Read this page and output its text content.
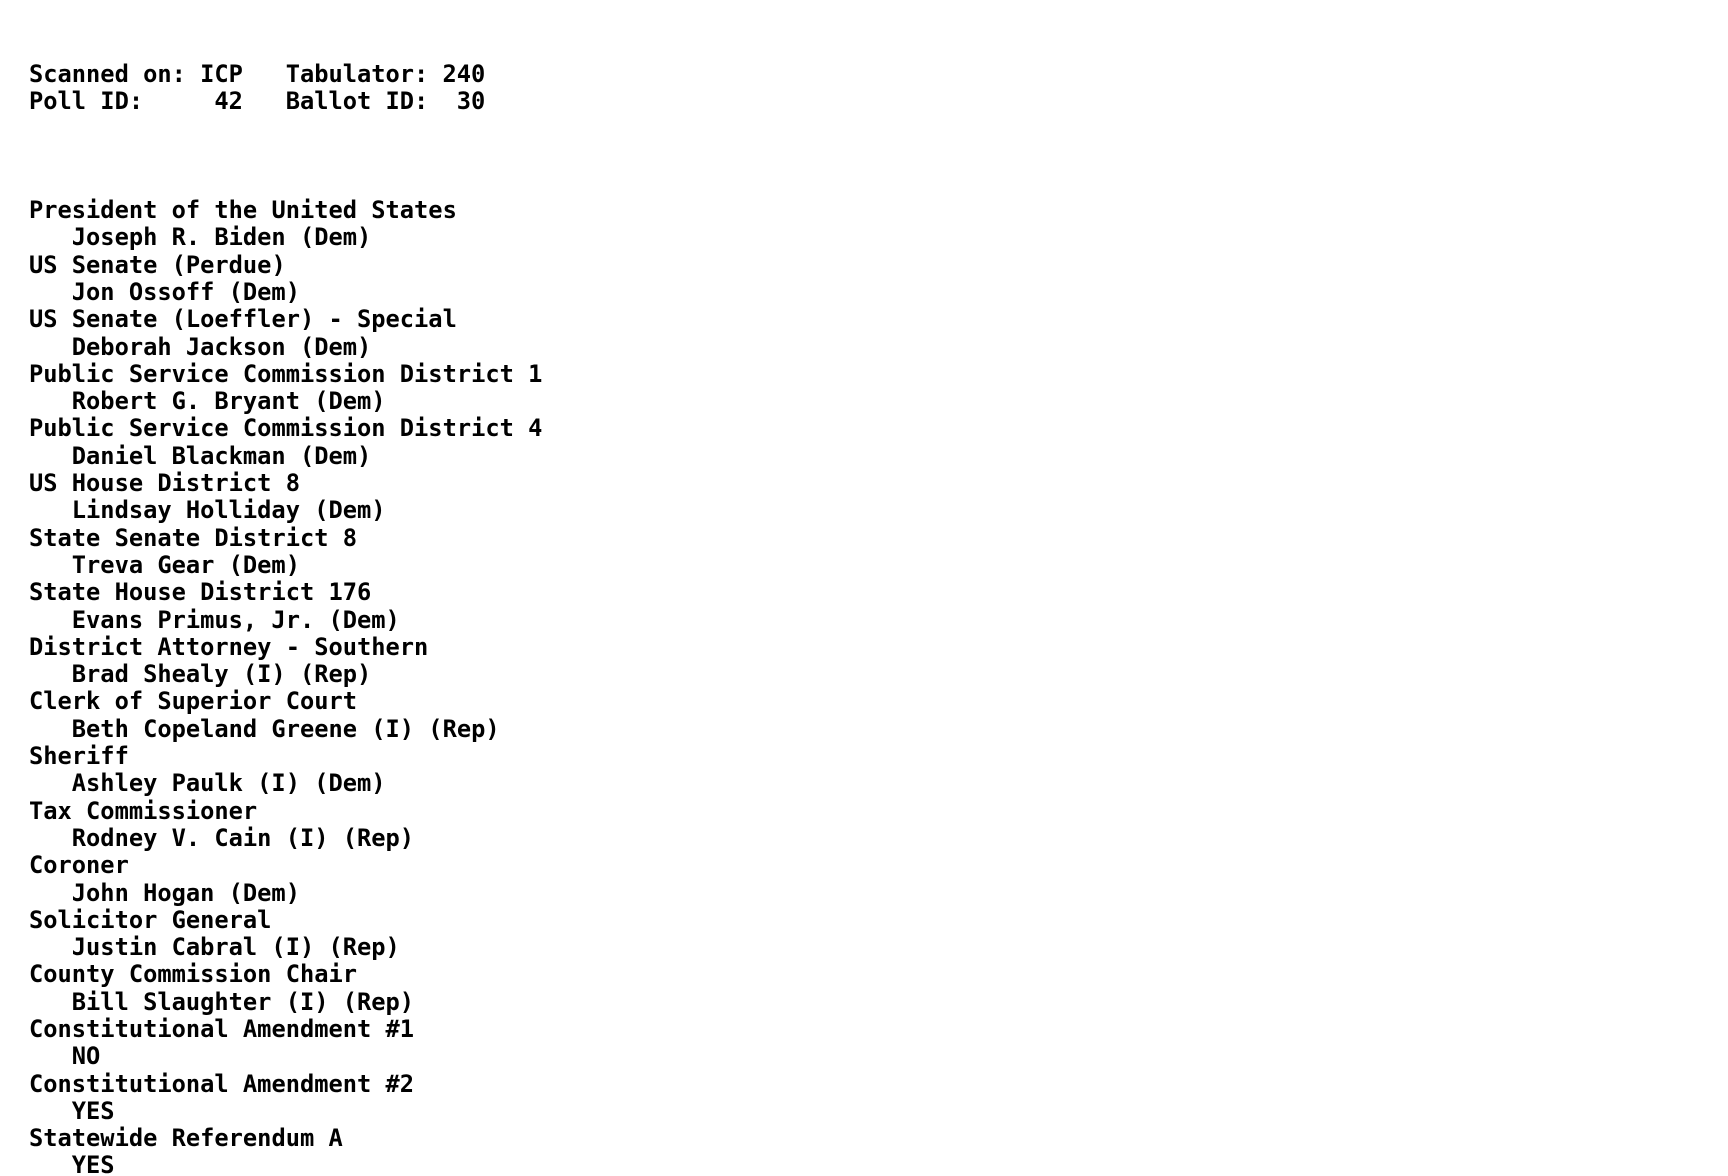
Scanned on: ICP Tabulator: 240
Poll ID:	42 Ballot ID: 30

President of the United States
Joseph R. Biden (Dem)
US Senate (Perdue)
Jon Ossoff (Dem)
US Senate (Loeffler) - Special
Deborah Jackson (Dem)
Public Service Commission District 1
Robert G. Bryant (Dem)
Public Service Commission District 4
Daniel Blackman (Dem)
US House District 8
Lindsay Holliday (Dem)
State Senate District 8
Treva Gear (Dem)
State House District 176
Evans Primus, Jr. (Dem)
District Attorney - Southern
Brad Shealy (I) (Rep)
Clerk of Superior Court
Beth Copeland Greene (I) (Rep)
Sheriff
Ashley Paulk (I) (Dem)
Tax Commissioner
Rodney V. Cain (I) (Rep)
Coroner
John Hogan (Dem)
Solicitor General
Justin Cabral (I) (Rep)
County Commission Chair
Bill Slaughter (I) (Rep)
Constitutional Amendment #1
NO
Constitutional Amendment #2
YES
Statewide Referendum A
YES
